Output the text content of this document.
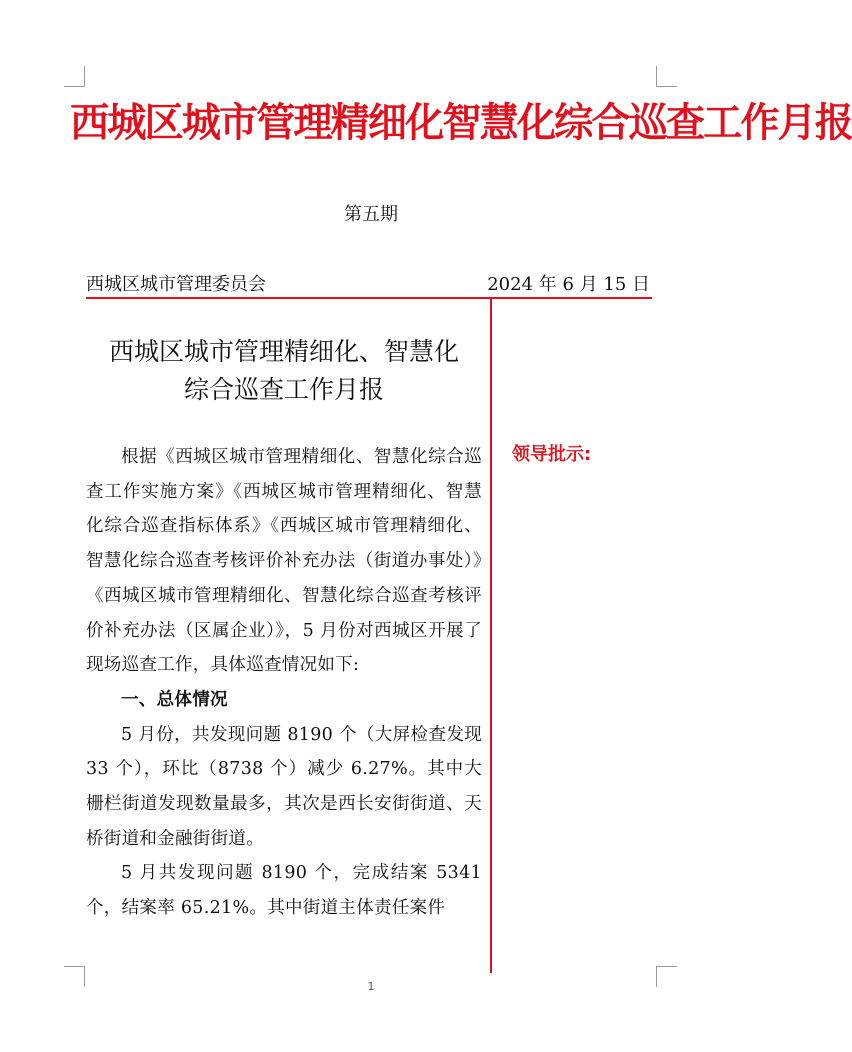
西城区城市管理精细化智慧化综合巡查工作月报
第五期
西城区城市管理委员会	2024 年 6 月 15 日
西城区城市管理精细化、智慧化
综合巡查工作月报
领导批示:

根据《西城区城市管理精细化、智慧化综合巡查工作实施方案》《西城区城市管理精细化、智慧化综合巡查指标体系》《西城区城市管理精细化、智慧化综合巡查考核评价补充办法（街道办事处）》《西城区城市管理精细化、智慧化综合巡查考核评价补充办法（区属企业）》，5 月份对西城区开展了现场巡查工作，具体巡查情况如下:

一、总体情况

5 月份，共发现问题 8190 个（大屏检查发现 33 个），环比（8738 个）减少 6.27%。其中大栅栏街道发现数量最多，其次是西长安街街道、天桥街道和金融街街道。

5 月共发现问题 8190 个，完成结案 5341 个，结案率 65.21%。其中街道主体责任案件

1
